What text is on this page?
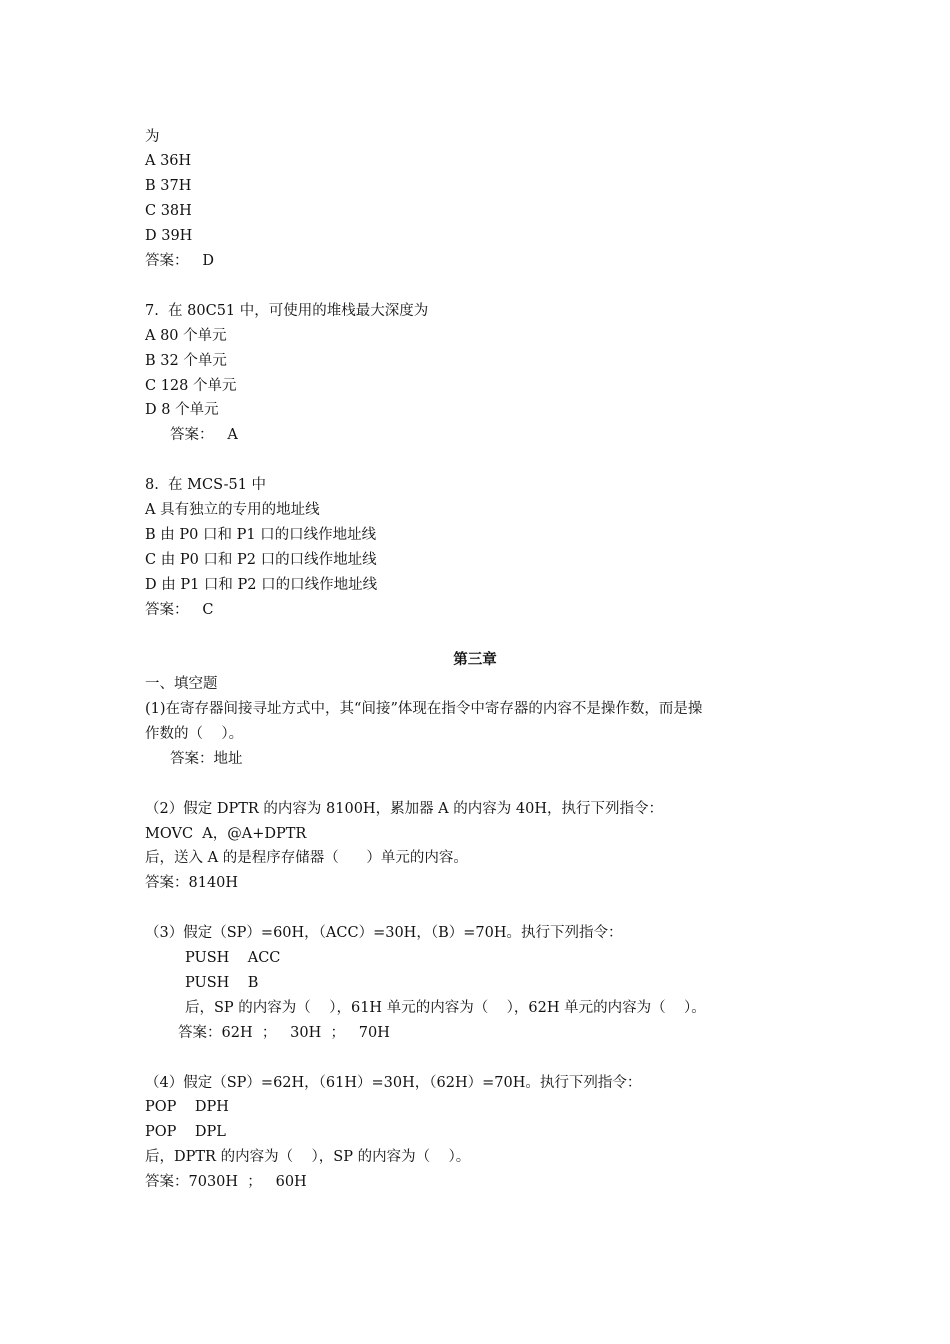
为
A 36H
B 37H
C 38H
D 39H
答案：   D
7.  在 80C51 中，可使用的堆栈最大深度为
A 80 个单元
B 32 个单元
C 128 个单元
D 8 个单元
答案：   A
8.  在 MCS-51 中
A 具有独立的专用的地址线
B 由 P0 口和 P1 口的口线作地址线
C 由 P0 口和 P2 口的口线作地址线
D 由 P1 口和 P2 口的口线作地址线
答案：   C
第三章
一、填空题
(1)在寄存器间接寻址方式中，其“间接”体现在指令中寄存器的内容不是操作数，而是操
作数的（    ）。
答案：地址
（2）假定 DPTR 的内容为 8100H，累加器 A 的内容为 40H，执行下列指令：
MOVC  A，@A+DPTR
后，送入 A 的是程序存储器（      ）单元的内容。
答案：8140H
（3）假定（SP）=60H，（ACC）=30H，（B）=70H。执行下列指令：
PUSH    ACC
PUSH    B
后，SP 的内容为（    ），61H 单元的内容为（    ），62H 单元的内容为（    ）。
答案：62H  ；   30H  ；   70H
（4）假定（SP）=62H，（61H）=30H，（62H）=70H。执行下列指令：
POP    DPH
POP    DPL
后，DPTR 的内容为（    ），SP 的内容为（    ）。
答案：7030H  ；   60H
